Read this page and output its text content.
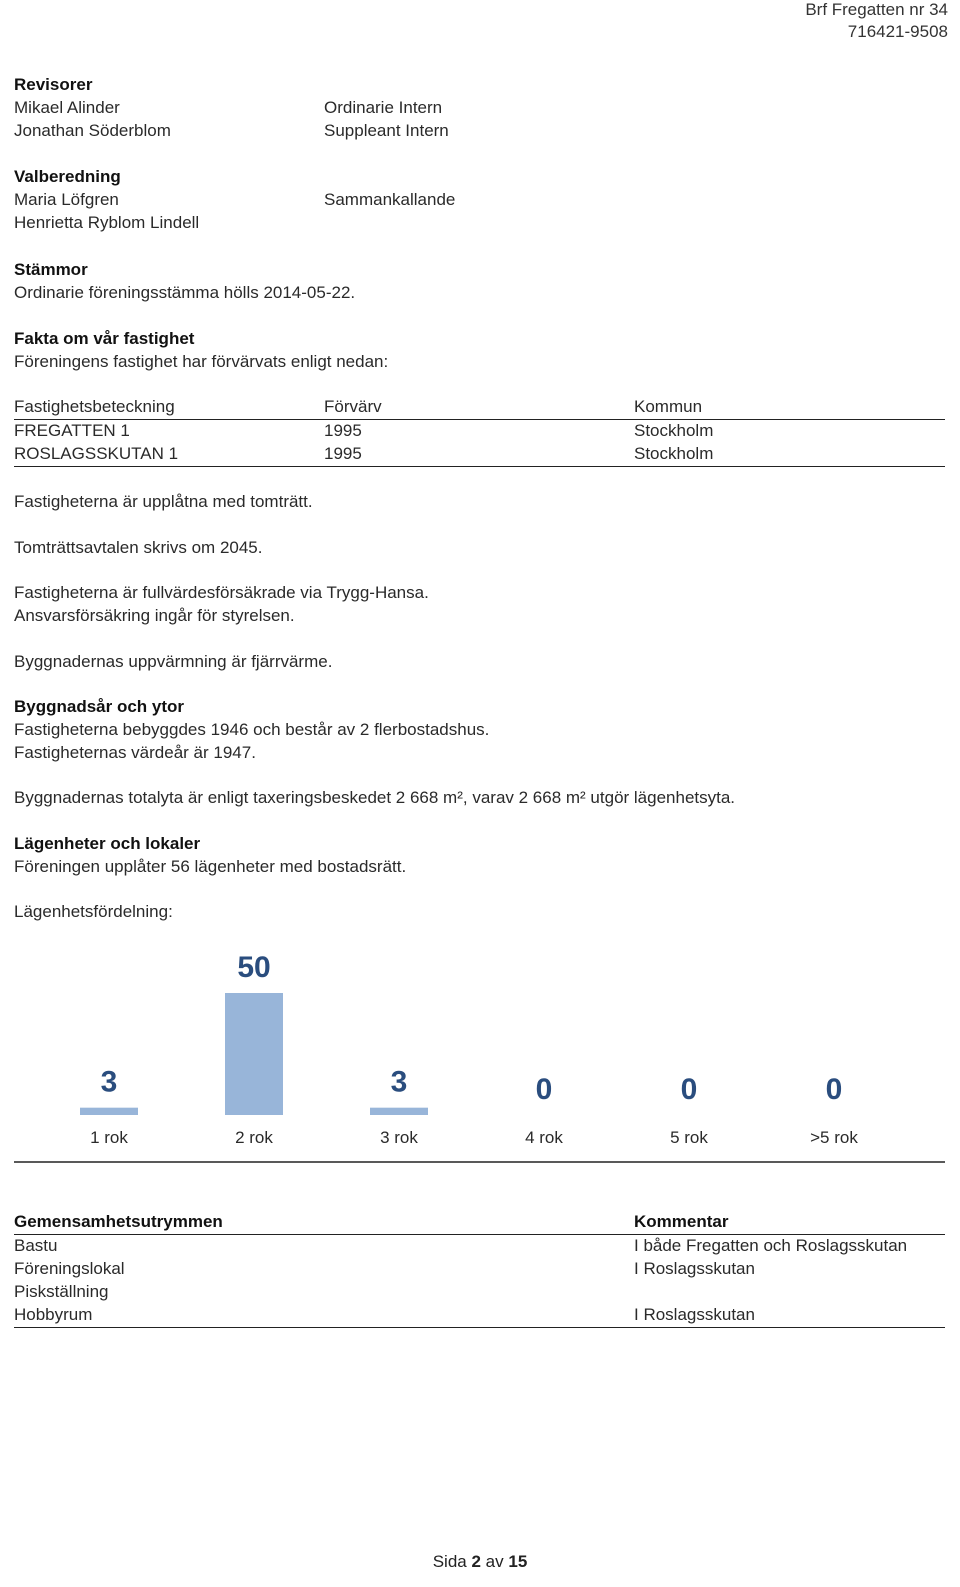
Brf Fregatten nr 34
716421-9508
Revisorer
Mikael Alinder	Ordinarie Intern
Jonathan Söderblom	Suppleant Intern
Valberedning
Maria Löfgren	Sammankallande
Henrietta Ryblom Lindell
Stämmor
Ordinarie föreningsstämma hölls 2014-05-22.
Fakta om vår fastighet
Föreningens fastighet har förvärvats enligt nedan:
Fastighetsbeteckning	Förvärv	Kommun
FREGATTEN 1	1995	Stockholm
ROSLAGSSKUTAN 1	1995	Stockholm
Fastigheterna är upplåtna med tomträtt.
Tomträttsavtalen skrivs om 2045.
Fastigheterna är fullvärdesförsäkrade via Trygg-Hansa.
Ansvarsförsäkring ingår för styrelsen.
Byggnadernas uppvärmning är fjärrvärme.
Byggnadsår och ytor
Fastigheterna bebyggdes 1946 och består av 2 flerbostadshus.
Fastigheternas värdeår är 1947.
Byggnadernas totalyta är enligt taxeringsbeskedet 2 668 m², varav 2 668 m² utgör lägenhetsyta.
Lägenheter och lokaler
Föreningen upplåter 56 lägenheter med bostadsrätt.
Lägenhetsfördelning:
3
1 rok
50
2 rok
3
3 rok
0
4 rok
0
5 rok
0
>5 rok
Gemensamhetsutrymmen	Kommentar
Bastu	I både Fregatten och Roslagsskutan
Föreningslokal	I Roslagsskutan
Piskställning
Hobbyrum	I Roslagsskutan
Sida 2 av 15
